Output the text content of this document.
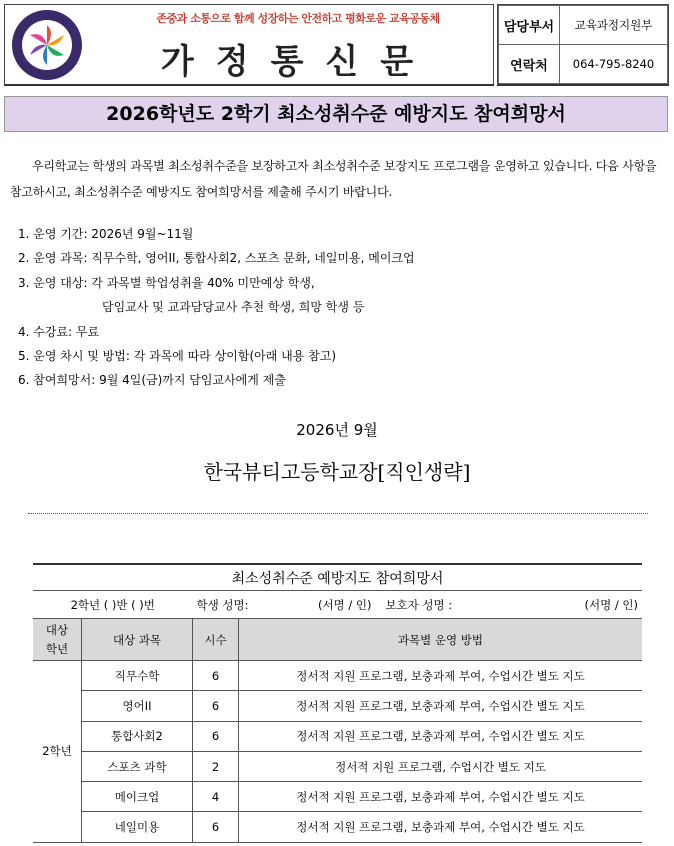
존중과 소통으로 함께 성장하는 안전하고 평화로운 교육공동체
가정통신문
담당부서	교육과정지원부
연락처	064-795-8240
2026학년도 2학기 최소성취수준 예방지도 참여희망서
우리학교는 학생의 과목별 최소성취수준을 보장하고자 최소성취수준 보장지도 프로그램을 운영하고 있습니다. 다음 사항을 참고하시고, 최소성취수준 예방지도 참여희망서를 제출해 주시기 바랍니다.
1. 운영 기간: 2026년 9월~11월
2. 운영 과목: 직무수학, 영어II, 통합사회2, 스포츠 문화, 네일미용, 메이크업
3. 운영 대상: 각 과목별 학업성취율 40% 미만예상 학생,
담임교사 및 교과담당교사 추천 학생, 희망 학생 등
4. 수강료: 무료
5. 운영 차시 및 방법: 각 과목에 따라 상이함(아래 내용 참고)
6. 참여희망서: 9월 4일(금)까지 담임교사에게 제출
2026년 9월
한국뷰티고등학교장[직인생략]
최소성취수준 예방지도 참여희망서				
2학년 ( )반 ( )번		학생 성명: (서명 / 인)		보호자 성명 : (서명 / 인)

대상
학년	대상 과목	시수	과목별 운영 방법	
2학년	직무수학	6	정서적 지원 프로그램, 보충과제 부여, 수업시간 별도 지도	
	영어II	6	정서적 지원 프로그램, 보충과제 부여, 수업시간 별도 지도	
	통합사회2	6	정서적 지원 프로그램, 보충과제 부여, 수업시간 별도 지도	
	스포츠 과학	2	정서적 지원 프로그램, 수업시간 별도 지도	
	메이크업	4	정서적 지원 프로그램, 보충과제 부여, 수업시간 별도 지도	
	네일미용	6	정서적 지원 프로그램, 보충과제 부여, 수업시간 별도 지도	
